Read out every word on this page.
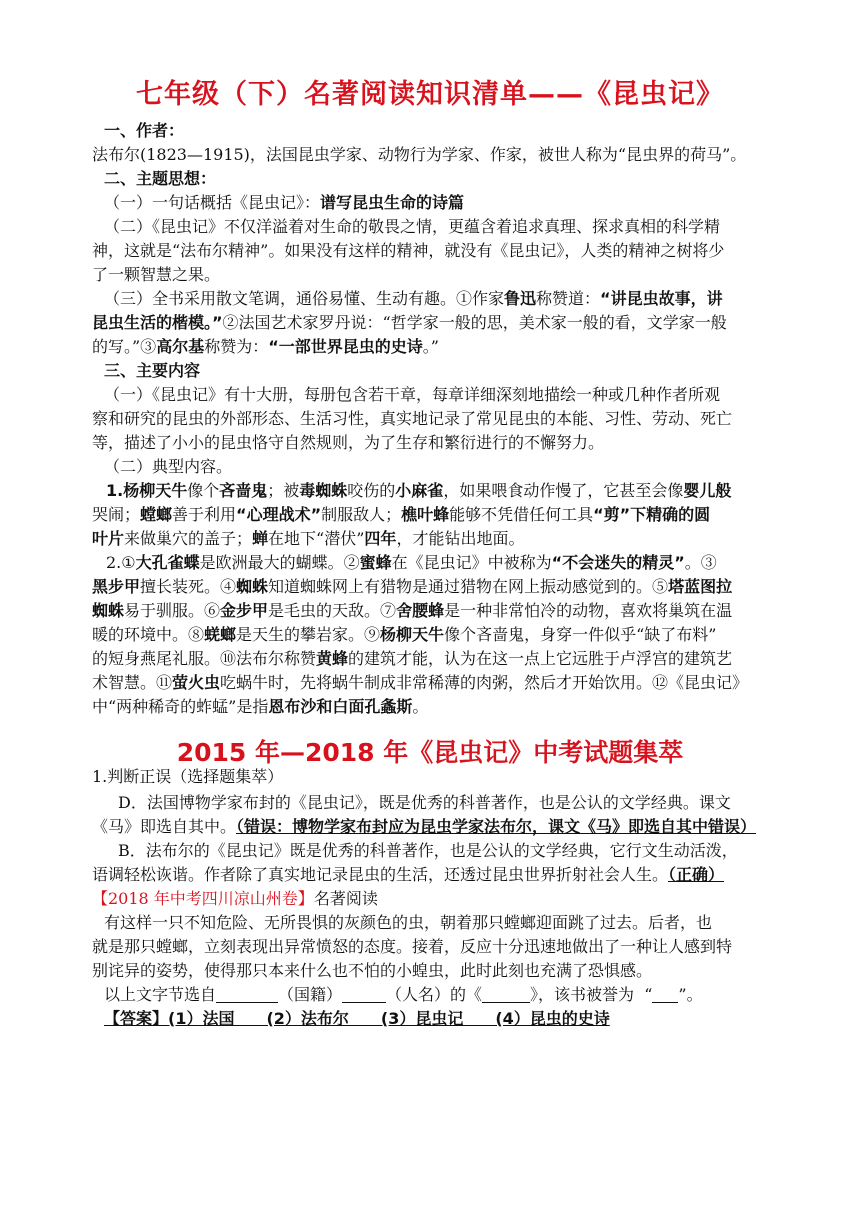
七年级（下）名著阅读知识清单——《昆虫记》
一、作者：
法布尔(1823—1915)，法国昆虫学家、动物行为学家、作家，被世人称为“昆虫界的荷马”。
二、主题思想：
（一）一句话概括《昆虫记》：谱写昆虫生命的诗篇
（二）《昆虫记》不仅洋溢着对生命的敬畏之情，更蕴含着追求真理、探求真相的科学精
神，这就是“法布尔精神”。如果没有这样的精神，就没有《昆虫记》，人类的精神之树将少
了一颗智慧之果。
（三）全书采用散文笔调，通俗易懂、生动有趣。①作家鲁迅称赞道：“讲昆虫故事，讲
昆虫生活的楷模。”②法国艺术家罗丹说：“哲学家一般的思，美术家一般的看，文学家一般
的写。”③高尔基称赞为：“一部世界昆虫的史诗。”
三、主要内容
（一）《昆虫记》有十大册，每册包含若干章，每章详细深刻地描绘一种或几种作者所观
察和研究的昆虫的外部形态、生活习性，真实地记录了常见昆虫的本能、习性、劳动、死亡
等，描述了小小的昆虫恪守自然规则，为了生存和繁衍进行的不懈努力。
（二）典型内容。
1.杨柳天牛像个吝啬鬼；被毒蜘蛛咬伤的小麻雀，如果喂食动作慢了，它甚至会像婴儿般
哭闹；螳螂善于利用“心理战术”制服敌人；樵叶蜂能够不凭借任何工具“剪”下精确的圆
叶片来做巢穴的盖子；蝉在地下“潜伏”四年，才能钻出地面。
2.①大孔雀蝶是欧洲最大的蝴蝶。②蜜蜂在《昆虫记》中被称为“不会迷失的精灵”。③
黑步甲擅长装死。④蜘蛛知道蜘蛛网上有猎物是通过猎物在网上振动感觉到的。⑤塔蓝图拉
蜘蛛易于驯服。⑥金步甲是毛虫的天敌。⑦舍腰蜂是一种非常怕冷的动物，喜欢将巢筑在温
暖的环境中。⑧蜣螂是天生的攀岩家。⑨杨柳天牛像个吝啬鬼，身穿一件似乎“缺了布料”
的短身燕尾礼服。⑩法布尔称赞黄蜂的建筑才能，认为在这一点上它远胜于卢浮宫的建筑艺
术智慧。⑪萤火虫吃蜗牛时，先将蜗牛制成非常稀薄的肉粥，然后才开始饮用。⑫《昆虫记》
中“两种稀奇的蚱蜢”是指恩布沙和白面孔螽斯。
2015 年—2018 年《昆虫记》中考试题集萃
1.判断正误（选择题集萃）
D．法国博物学家布封的《昆虫记》，既是优秀的科普著作，也是公认的文学经典。课文
《马》即选自其中。（错误：博物学家布封应为昆虫学家法布尔，课文《马》即选自其中错误）
B．法布尔的《昆虫记》既是优秀的科普著作，也是公认的文学经典，它行文生动活泼，
语调轻松诙谐。作者除了真实地记录昆虫的生活，还透过昆虫世界折射社会人生。（正确）
【2018 年中考四川凉山州卷】名著阅读
有这样一只不知危险、无所畏惧的灰颜色的虫，朝着那只螳螂迎面跳了过去。后者，也
就是那只螳螂，立刻表现出异常愤怒的态度。接着，反应十分迅速地做出了一种让人感到特
别诧异的姿势，使得那只本来什么也不怕的小蝗虫，此时此刻也充满了恐惧感。
以上文字节选自	（国籍）	（人名）的《	》，该书被誉为 “ ”。
【答案】(1）法国　　(2）法布尔　　(3）昆虫记　　(4）昆虫的史诗
